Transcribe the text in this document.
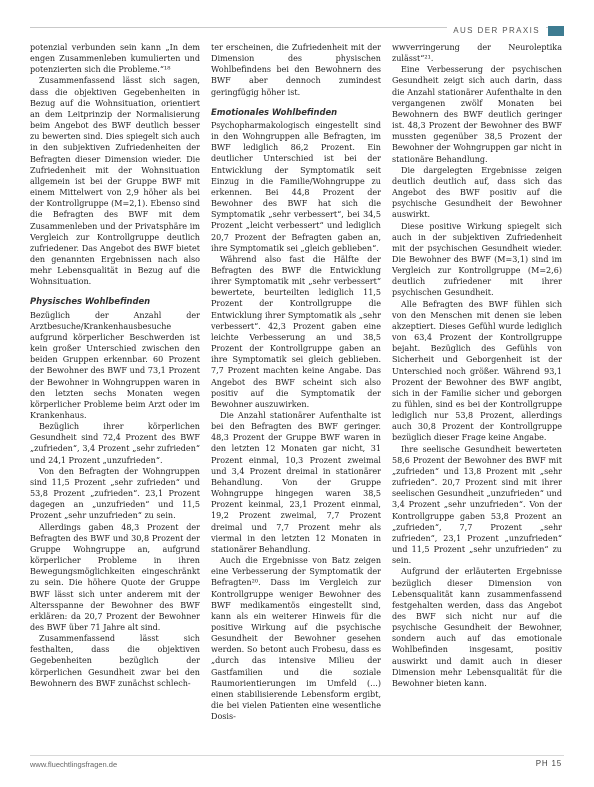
AUS DER PRAXIS

potenzial verbunden sein kann „In dem engen Zusammenleben kumulierten und potenzierten sich die Probleme.“¹⁸

Zusammenfassend lässt sich sagen, dass die objektiven Gegebenheiten in Bezug auf die Wohnsituation, orientiert an dem Leitprinzip der Normalisierung beim Angebot des BWF deutlich besser zu bewerten sind. Dies spiegelt sich auch in den subjektiven Zufriedenheiten der Befragten dieser Dimension wieder. Die Zufriedenheit mit der Wohnsituation allgemein ist bei der Gruppe BWF mit einem Mittelwert von 2,9 höher als bei der Kontrollgruppe (M=2,1). Ebenso sind die Befragten des BWF mit dem Zusammenleben und der Privatsphäre im Vergleich zur Kontrollgruppe deutlich zufriedener. Das Angebot des BWF bietet den genannten Ergebnissen nach also mehr Lebensqualität in Bezug auf die Wohnsituation.

Physisches Wohlbefinden

Bezüglich der Anzahl der Arztbesuche/Krankenhausbesuche aufgrund körperlicher Beschwerden ist kein großer Unterschied zwischen den beiden Gruppen erkennbar. 60 Prozent der Bewohner des BWF und 73,1 Prozent der Bewohner in Wohngruppen waren in den letzten sechs Monaten wegen körperlicher Probleme beim Arzt oder im Krankenhaus.

Bezüglich ihrer körperlichen Gesundheit sind 72,4 Prozent des BWF „zufrieden“, 3,4 Prozent „sehr zufrieden“ und 24,1 Prozent „unzufrieden“.

Von den Befragten der Wohngruppen sind 11,5 Prozent „sehr zufrieden“ und 53,8 Prozent „zufrieden“. 23,1 Prozent dagegen an „unzufrieden“ und 11,5 Prozent „sehr unzufrieden“ zu sein.

Allerdings gaben 48,3 Prozent der Befragten des BWF und 30,8 Prozent der Gruppe Wohngruppe an, aufgrund körperlicher Probleme in ihren Bewegungsmöglichkeiten eingeschränkt zu sein. Die höhere Quote der Gruppe BWF lässt sich unter anderem mit der Altersspanne der Bewohner des BWF erklären: da 20,7 Prozent der Bewohner des BWF über 71 Jahre alt sind.

Zusammenfassend lässt sich festhalten, dass die objektiven Gegebenheiten bezüglich der körperlichen Gesundheit zwar bei den Bewohnern des BWF zunächst schlech-

ter erscheinen, die Zufriedenheit mit der Dimension des physischen Wohlbefindens bei den Bewohnern des BWF aber dennoch zumindest geringfügig höher ist.

Emotionales Wohlbefinden

Psychopharmakologisch eingestellt sind in den Wohngruppen alle Befragten, im BWF lediglich 86,2 Prozent. Ein deutlicher Unterschied ist bei der Entwicklung der Symptomatik seit Einzug in die Familie/Wohngruppe zu erkennen. Bei 44,8 Prozent der Bewohner des BWF hat sich die Symptomatik „sehr verbessert“, bei 34,5 Prozent „leicht verbessert“ und lediglich 20,7 Prozent der Befragten gaben an, ihre Symptomatik sei „gleich geblieben“.

Während also fast die Hälfte der Befragten des BWF die Entwicklung ihrer Symptomatik mit „sehr verbessert“ bewertete, beurteilten lediglich 11,5 Prozent der Kontrollgruppe die Entwicklung ihrer Symptomatik als „sehr verbessert“. 42,3 Prozent gaben eine leichte Verbesserung an und 38,5 Prozent der Kontrollgruppe gaben an ihre Symptomatik sei gleich geblieben. 7,7 Prozent machten keine Angabe. Das Angebot des BWF scheint sich also positiv auf die Symptomatik der Bewohner auszuwirken.

Die Anzahl stationärer Aufenthalte ist bei den Befragten des BWF geringer. 48,3 Prozent der Gruppe BWF waren in den letzten 12 Monaten gar nicht, 31 Prozent einmal, 10,3 Prozent zweimal und 3,4 Prozent dreimal in stationärer Behandlung. Von der Gruppe Wohngruppe hingegen waren 38,5 Prozent keinmal, 23,1 Prozent einmal, 19,2 Prozent zweimal, 7,7 Prozent dreimal und 7,7 Prozent mehr als viermal in den letzten 12 Monaten in stationärer Behandlung.

Auch die Ergebnisse von Batz zeigen eine Verbesserung der Symptomatik der Befragten²⁰. Dass im Vergleich zur Kontrollgruppe weniger Bewohner des BWF medikamentös eingestellt sind, kann als ein weiterer Hinweis für die positive Wirkung auf die psychische Gesundheit der Bewohner gesehen werden. So betont auch Frobesu, dass es „durch das intensive Milieu der Gastfamilien und die soziale Raumorientierungen im Umfeld (...) einen stabilisierende Lebensform ergibt, die bei vielen Patienten eine wesentliche Dosis-

wwverringerung der Neuroleptika zulässt“²¹.

Eine Verbesserung der psychischen Gesundheit zeigt sich auch darin, dass die Anzahl stationärer Aufenthalte in den vergangenen zwölf Monaten bei Bewohnern des BWF deutlich geringer ist. 48,3 Prozent der Bewohner des BWF mussten gegenüber 38,5 Prozent der Bewohner der Wohngruppen gar nicht in stationäre Behandlung.

Die dargelegten Ergebnisse zeigen deutlich deutlich auf, dass sich das Angebot des BWF positiv auf die psychische Gesundheit der Bewohner auswirkt.

Diese positive Wirkung spiegelt sich auch in der subjektiven Zufriedenheit mit der psychischen Gesundheit wieder. Die Bewohner des BWF (M=3,1) sind im Vergleich zur Kontrollgruppe (M=2,6) deutlich zufriedener mit ihrer psychischen Gesundheit.

Alle Befragten des BWF fühlen sich von den Menschen mit denen sie leben akzeptiert. Dieses Gefühl wurde lediglich von 63,4 Prozent der Kontrollgruppe bejaht. Bezüglich des Gefühls von Sicherheit und Geborgenheit ist der Unterschied noch größer. Während 93,1 Prozent der Bewohner des BWF angibt, sich in der Familie sicher und geborgen zu fühlen, sind es bei der Kontrollgruppe lediglich nur 53,8 Prozent, allerdings auch 30,8 Prozent der Kontrollgruppe bezüglich dieser Frage keine Angabe.

Ihre seelische Gesundheit bewerteten 58,6 Prozent der Bewohner des BWF mit „zufrieden“ und 13,8 Prozent mit „sehr zufrieden“. 20,7 Prozent sind mit ihrer seelischen Gesundheit „unzufrieden“ und 3,4 Prozent „sehr unzufrieden“. Von der Kontrollgruppe gaben 53,8 Prozent an „zufrieden“, 7,7 Prozent „sehr zufrieden“, 23,1 Prozent „unzufrieden“ und 11,5 Prozent „sehr unzufrieden“ zu sein.

Aufgrund der erläuterten Ergebnisse bezüglich dieser Dimension von Lebensqualität kann zusammenfassend festgehalten werden, dass das Angebot des BWF sich nicht nur auf die psychische Gesundheit der Bewohner, sondern auch auf das emotionale Wohlbefinden insgesamt, positiv auswirkt und damit auch in dieser Dimension mehr Lebensqualität für die Bewohner bieten kann.

www.fluechtlingsfragen.de	PH 15
